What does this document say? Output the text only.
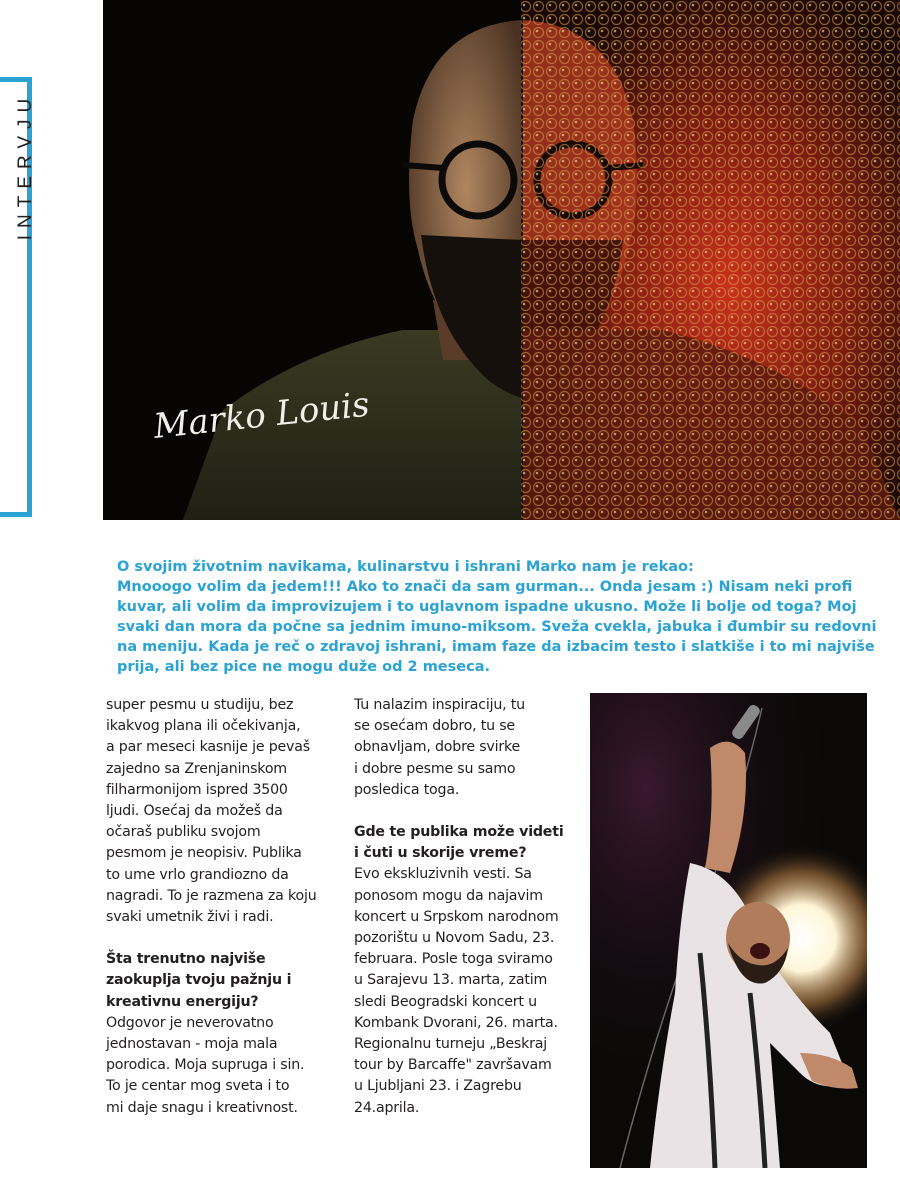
INTERVJU
Marko Louis

O svojim životnim navikama, kulinarstvu i ishrani Marko nam je rekao:

Mnooogo volim da jedem!!! Ako to znači da sam gurman... Onda jesam :) Nisam neki profi

kuvar, ali volim da improvizujem i to uglavnom ispadne ukusno. Može li bolje od toga? Moj

svaki dan mora da počne sa jednim imuno-miksom. Sveža cvekla, jabuka i đumbir su redovni

na meniju. Kada je reč o zdravoj ishrani, imam faze da izbacim testo i slatkiše i to mi najviše

prija, ali bez pice ne mogu duže od 2 meseca.

super pesmu u studiju, bez

ikakvog plana ili očekivanja,

a par meseci kasnije je pevaš

zajedno sa Zrenjaninskom

filharmonijom ispred 3500

ljudi. Osećaj da možeš da

očaraš publiku svojom

pesmom je neopisiv. Publika

to ume vrlo grandiozno da

nagradi. To je razmena za koju

svaki umetnik živi i radi.

Šta trenutno najviše

zaokuplja tvoju pažnju i

kreativnu energiju?

Odgovor je neverovatno

jednostavan - moja mala

porodica. Moja supruga i sin.

To je centar mog sveta i to

mi daje snagu i kreativnost.

Tu nalazim inspiraciju, tu

se osećam dobro, tu se

obnavljam, dobre svirke

i dobre pesme su samo

posledica toga.

Gde te publika može videti

i čuti u skorije vreme?

Evo ekskluzivnih vesti. Sa

ponosom mogu da najavim

koncert u Srpskom narodnom

pozorištu u Novom Sadu, 23.

februara. Posle toga sviramo

u Sarajevu 13. marta, zatim

sledi Beogradski koncert u

Kombank Dvorani, 26. marta.

Regionalnu turneju „Beskraj

tour by Barcaffe" završavam

u Ljubljani 23. i Zagrebu

24.aprila.
